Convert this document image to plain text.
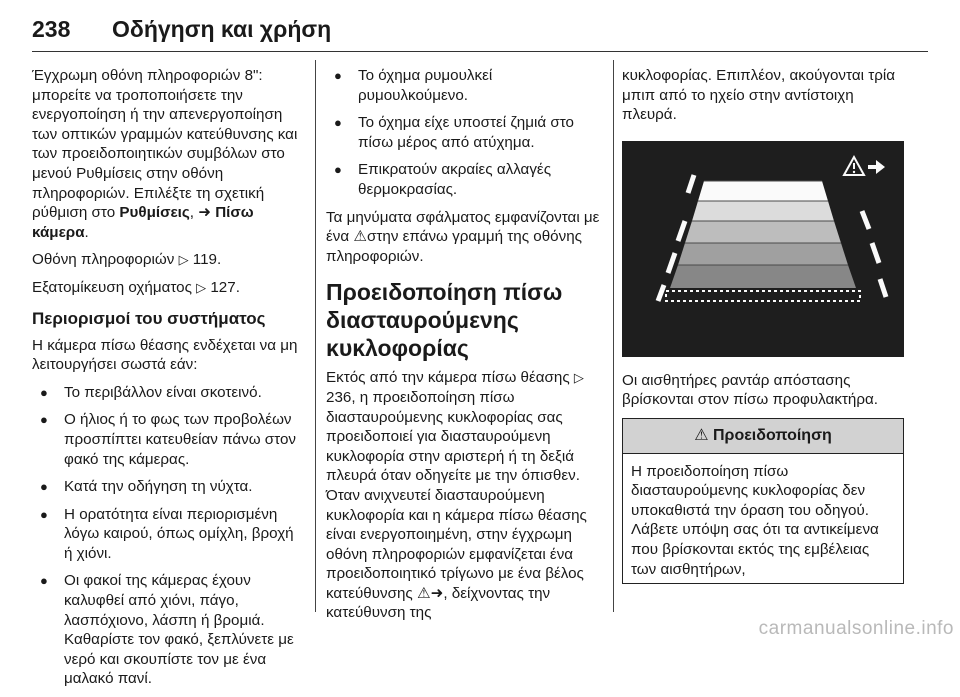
238 Οδήγηση και χρήση

Έγχρωμη οθόνη πληροφοριών 8": μπορείτε να τροποποιήσετε την ενεργοποίηση ή την απενεργοποίηση των οπτικών γραμμών κατεύθυνσης και των προειδοποιητικών συμβόλων στο μενού Ρυθμίσεις στην οθόνη πληροφοριών. Επιλέξτε τη σχετική ρύθμιση στο Ρυθμίσεις, ➜ Πίσω κάμερα.

Οθόνη πληροφοριών ▷ 119.

Εξατομίκευση οχήματος ▷ 127.

Περιορισμοί του συστήματος

Η κάμερα πίσω θέασης ενδέχεται να μη λειτουργήσει σωστά εάν:

● Το περιβάλλον είναι σκοτεινό.
● Ο ήλιος ή το φως των προβολέων προσπίπτει κατευθείαν πάνω στον φακό της κάμερας.
● Κατά την οδήγηση τη νύχτα.
● Η ορατότητα είναι περιορισμένη λόγω καιρού, όπως ομίχλη, βροχή ή χιόνι.
● Οι φακοί της κάμερας έχουν καλυφθεί από χιόνι, πάγο, λασπόχιονο, λάσπη ή βρομιά. Καθαρίστε τον φακό, ξεπλύνετε με νερό και σκουπίστε τον με ένα μαλακό πανί.
● Το όχημα ρυμουλκεί ρυμουλκούμενο.
● Το όχημα είχε υποστεί ζημιά στο πίσω μέρος από ατύχημα.
● Επικρατούν ακραίες αλλαγές θερμοκρασίας.

Τα μηνύματα σφάλματος εμφανίζονται με ένα ⚠στην επάνω γραμμή της οθόνης πληροφοριών.

Προειδοποίηση πίσω διασταυρούμενης κυκλοφορίας

Εκτός από την κάμερα πίσω θέασης ▷ 236, η προειδοποίηση πίσω διασταυρούμενης κυκλοφορίας σας προειδοποιεί για διασταυρούμενη κυκλοφορία στην αριστερή ή τη δεξιά πλευρά όταν οδηγείτε με την όπισθεν. Όταν ανιχνευτεί διασταυρούμενη κυκλοφορία και η κάμερα πίσω θέασης είναι ενεργοποιημένη, στην έγχρωμη οθόνη πληροφοριών εμφανίζεται ένα προειδοποιητικό τρίγωνο με ένα βέλος κατεύθυνσης ⚠➜, δείχνοντας την κατεύθυνση της

κυκλοφορίας. Επιπλέον, ακούγονται τρία μπιπ από το ηχείο στην αντίστοιχη πλευρά.

Οι αισθητήρες ραντάρ απόστασης βρίσκονται στον πίσω προφυλακτήρα.

⚠ Προειδοποίηση
Η προειδοποίηση πίσω διασταυρούμενης κυκλοφορίας δεν υποκαθιστά την όραση του οδηγού. Λάβετε υπόψη σας ότι τα αντικείμενα που βρίσκονται εκτός της εμβέλειας των αισθητήρων,
carmanualsonline.info
